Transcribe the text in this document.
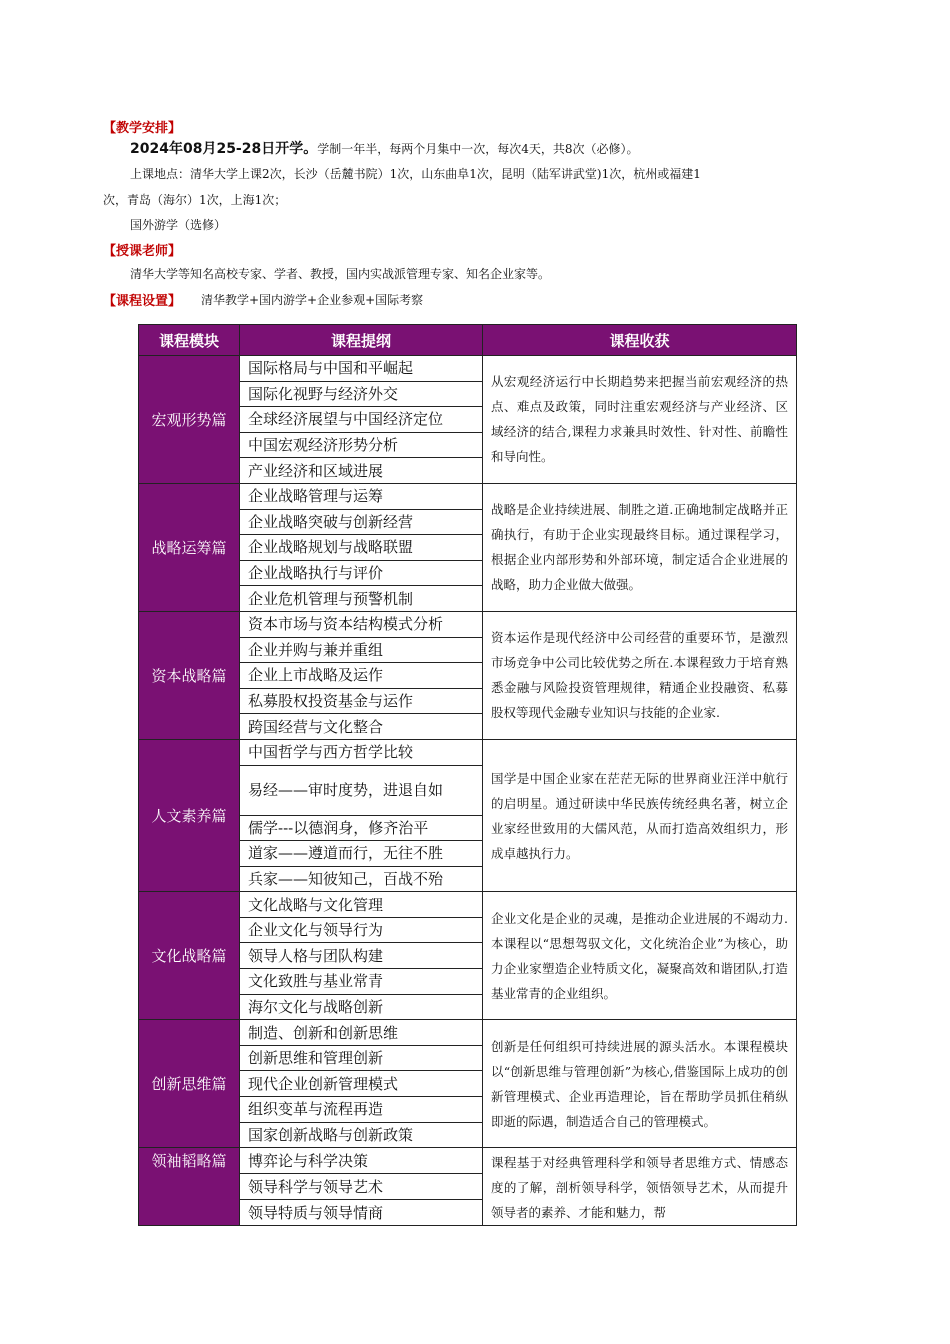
【教学安排】
2024年08月25-28日开学。学制一年半，每两个月集中一次，每次4天，共8次（必修）。
上课地点：清华大学上课2次，长沙（岳麓书院）1次，山东曲阜1次，昆明（陆军讲武堂)1次，杭州或福建1
次，青岛（海尔）1次，上海1次；
国外游学（选修）
【授课老师】
清华大学等知名高校专家、学者、教授，国内实战派管理专家、知名企业家等。
【课程设置】 清华教学+国内游学+企业参观+国际考察
课程模块	课程提纲	课程收获
宏观形势篇	国际格局与中国和平崛起	从宏观经济运行中长期趋势来把握当前宏观经济的热点、难点及政策，同时注重宏观经济与产业经济、区域经济的结合,课程力求兼具时效性、针对性、前瞻性和导向性。
	国际化视野与经济外交	
	全球经济展望与中国经济定位	
	中国宏观经济形势分析	
	产业经济和区域进展	
战略运筹篇	企业战略管理与运筹	战略是企业持续进展、制胜之道.正确地制定战略并正确执行，有助于企业实现最终目标。通过课程学习，根据企业内部形势和外部环境，制定适合企业进展的战略，助力企业做大做强。
	企业战略突破与创新经营	
	企业战略规划与战略联盟	
	企业战略执行与评价	
	企业危机管理与预警机制	
资本战略篇	资本市场与资本结构模式分析	资本运作是现代经济中公司经营的重要环节，是激烈市场竞争中公司比较优势之所在.本课程致力于培育熟悉金融与风险投资管理规律，精通企业投融资、私募股权等现代金融专业知识与技能的企业家.
	企业并购与兼并重组	
	企业上市战略及运作	
	私募股权投资基金与运作	
	跨国经营与文化整合	
人文素养篇	中国哲学与西方哲学比较	国学是中国企业家在茫茫无际的世界商业汪洋中航行的启明星。通过研读中华民族传统经典名著，树立企业家经世致用的大儒风范，从而打造高效组织力，形成卓越执行力。
	易经——审时度势，进退自如	
	儒学---以德润身，修齐治平	
	道家——遵道而行，无往不胜	
	兵家——知彼知己，百战不殆	
文化战略篇	文化战略与文化管理	企业文化是企业的灵魂，是推动企业进展的不竭动力.本课程以“思想驾驭文化，文化统治企业”为核心，助力企业家塑造企业特质文化，凝聚高效和谐团队,打造基业常青的企业组织。
	企业文化与领导行为	
	领导人格与团队构建	
	文化致胜与基业常青	
	海尔文化与战略创新	
创新思维篇	制造、创新和创新思维	创新是任何组织可持续进展的源头活水。本课程模块以“创新思维与管理创新”为核心,借鉴国际上成功的创新管理模式、企业再造理论，旨在帮助学员抓住稍纵即逝的际遇，制造适合自己的管理模式。
	创新思维和管理创新	
	现代企业创新管理模式	
	组织变革与流程再造	
	国家创新战略与创新政策	
领袖韬略篇	博弈论与科学决策	课程基于对经典管理科学和领导者思维方式、情感态度的了解，剖析领导科学，领悟领导艺术，从而提升领导者的素养、才能和魅力，帮
	领导科学与领导艺术	
	领导特质与领导情商	
